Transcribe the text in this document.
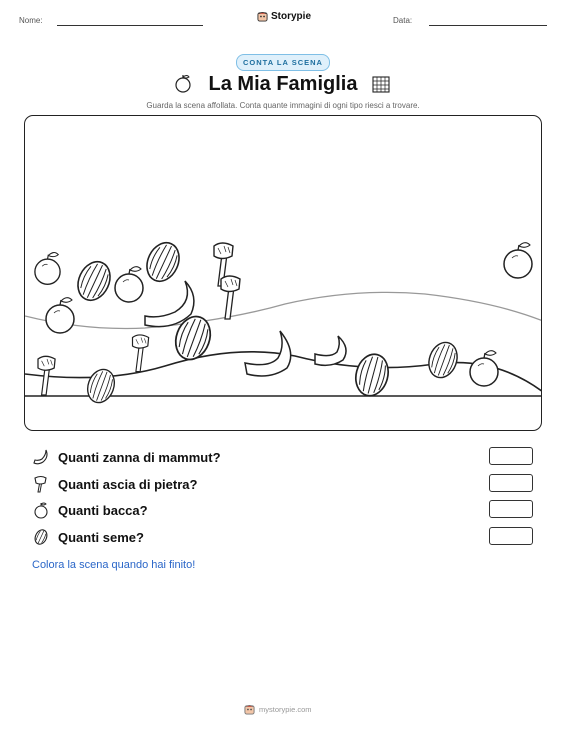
Nome:	Storypie	Data:
CONTA LA SCENA
La Mia Famiglia
Guarda la scena affollata. Conta quante immagini di ogni tipo riesci a trovare.
Quanti zanna di mammut?
Quanti ascia di pietra?
Quanti bacca?
Quanti seme?
Colora la scena quando hai finito!
mystorypie.com
